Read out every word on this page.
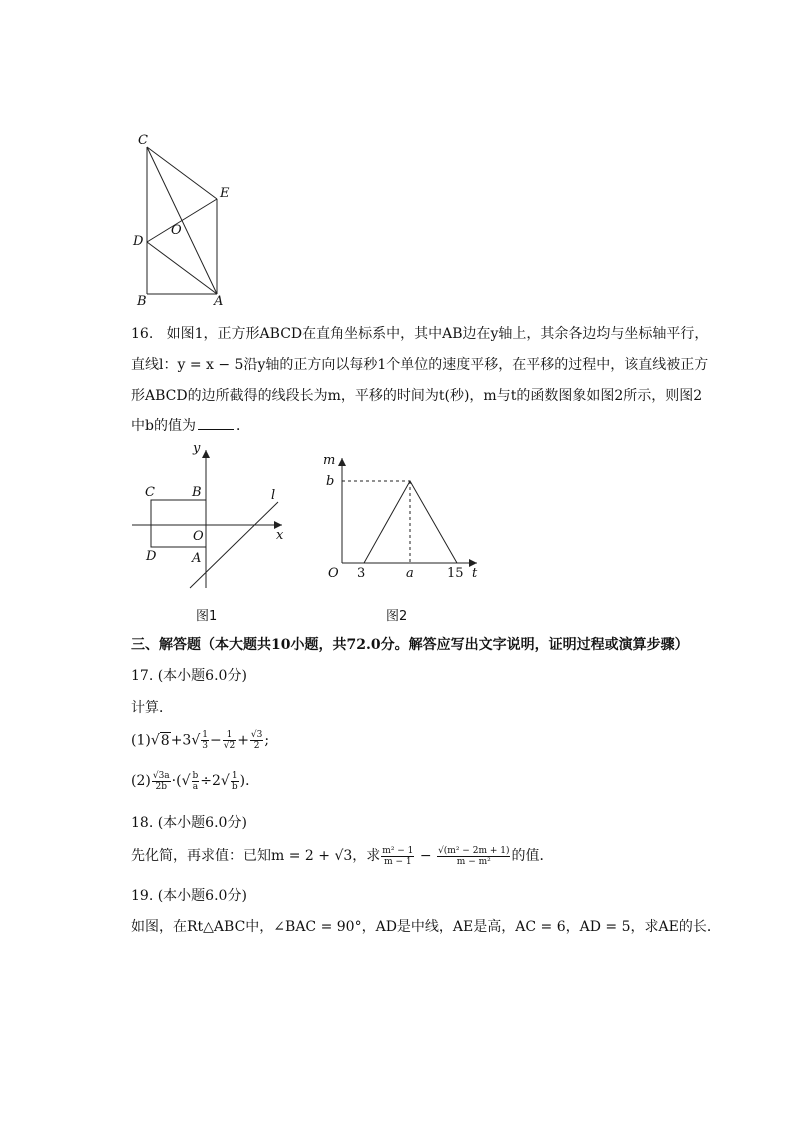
C
E
O
D
B	A
16. 如图1，正方形ABCD在直角坐标系中，其中AB边在y轴上，其余各边均与坐标轴平行，
直线l：y = x − 5沿y轴的正方向以每秒1个单位的速度平移，在平移的过程中，该直线被正方
形ABCD的边所截得的线段长为m，平移的时间为t(秒)，m与t的函数图象如图2所示，则图2
中b的值为	．
y
x
C	B
O
D	A
l
图1
m
b
O 3	a	15 t
图2
三、解答题（本大题共10小题，共72.0分。解答应写出文字说明，证明过程或演算步骤）
17. (本小题6.0分)
计算．
$(1)√8+3√ \frac{1}{3} - \frac{1}{√2} + \frac{√3}{2}$ ;
$(2) \frac{√3a}{2b}$ ·(√ $\frac{b}{a} \div 2√ \frac{1}{b}$ )．
18. (本小题6.0分)
先化简，再求值：已知m = 2 + √3，求 $\frac{\text{m² − 1}}{m - 1} - \frac{\text{√(m² − 2m + 1)}}{\text{m − m²}}$ 的值．
19. (本小题6.0分)
如图，在Rt△ABC中，∠BAC = 90°，AD是中线，AE是高，AC = 6，AD = 5，求AE的长．
